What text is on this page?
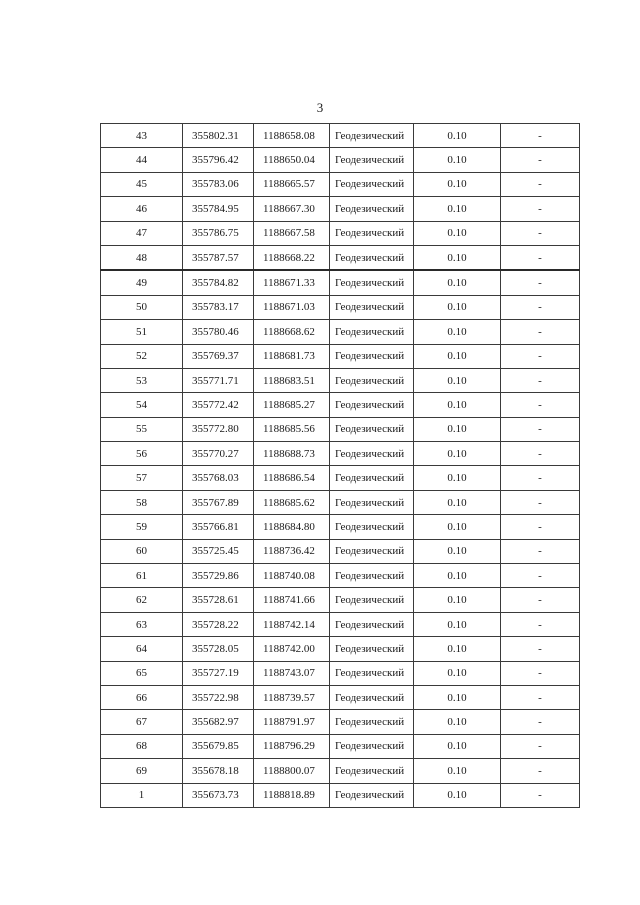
3
43	355802.31	1188658.08	Геодезический	0.10	-
44	355796.42	1188650.04	Геодезический	0.10	-
45	355783.06	1188665.57	Геодезический	0.10	-
46	355784.95	1188667.30	Геодезический	0.10	-
47	355786.75	1188667.58	Геодезический	0.10	-
48	355787.57	1188668.22	Геодезический	0.10	-
49	355784.82	1188671.33	Геодезический	0.10	-
50	355783.17	1188671.03	Геодезический	0.10	-
51	355780.46	1188668.62	Геодезический	0.10	-
52	355769.37	1188681.73	Геодезический	0.10	-
53	355771.71	1188683.51	Геодезический	0.10	-
54	355772.42	1188685.27	Геодезический	0.10	-
55	355772.80	1188685.56	Геодезический	0.10	-
56	355770.27	1188688.73	Геодезический	0.10	-
57	355768.03	1188686.54	Геодезический	0.10	-
58	355767.89	1188685.62	Геодезический	0.10	-
59	355766.81	1188684.80	Геодезический	0.10	-
60	355725.45	1188736.42	Геодезический	0.10	-
61	355729.86	1188740.08	Геодезический	0.10	-
62	355728.61	1188741.66	Геодезический	0.10	-
63	355728.22	1188742.14	Геодезический	0.10	-
64	355728.05	1188742.00	Геодезический	0.10	-
65	355727.19	1188743.07	Геодезический	0.10	-
66	355722.98	1188739.57	Геодезический	0.10	-
67	355682.97	1188791.97	Геодезический	0.10	-
68	355679.85	1188796.29	Геодезический	0.10	-
69	355678.18	1188800.07	Геодезический	0.10	-
1	355673.73	1188818.89	Геодезический	0.10	-
